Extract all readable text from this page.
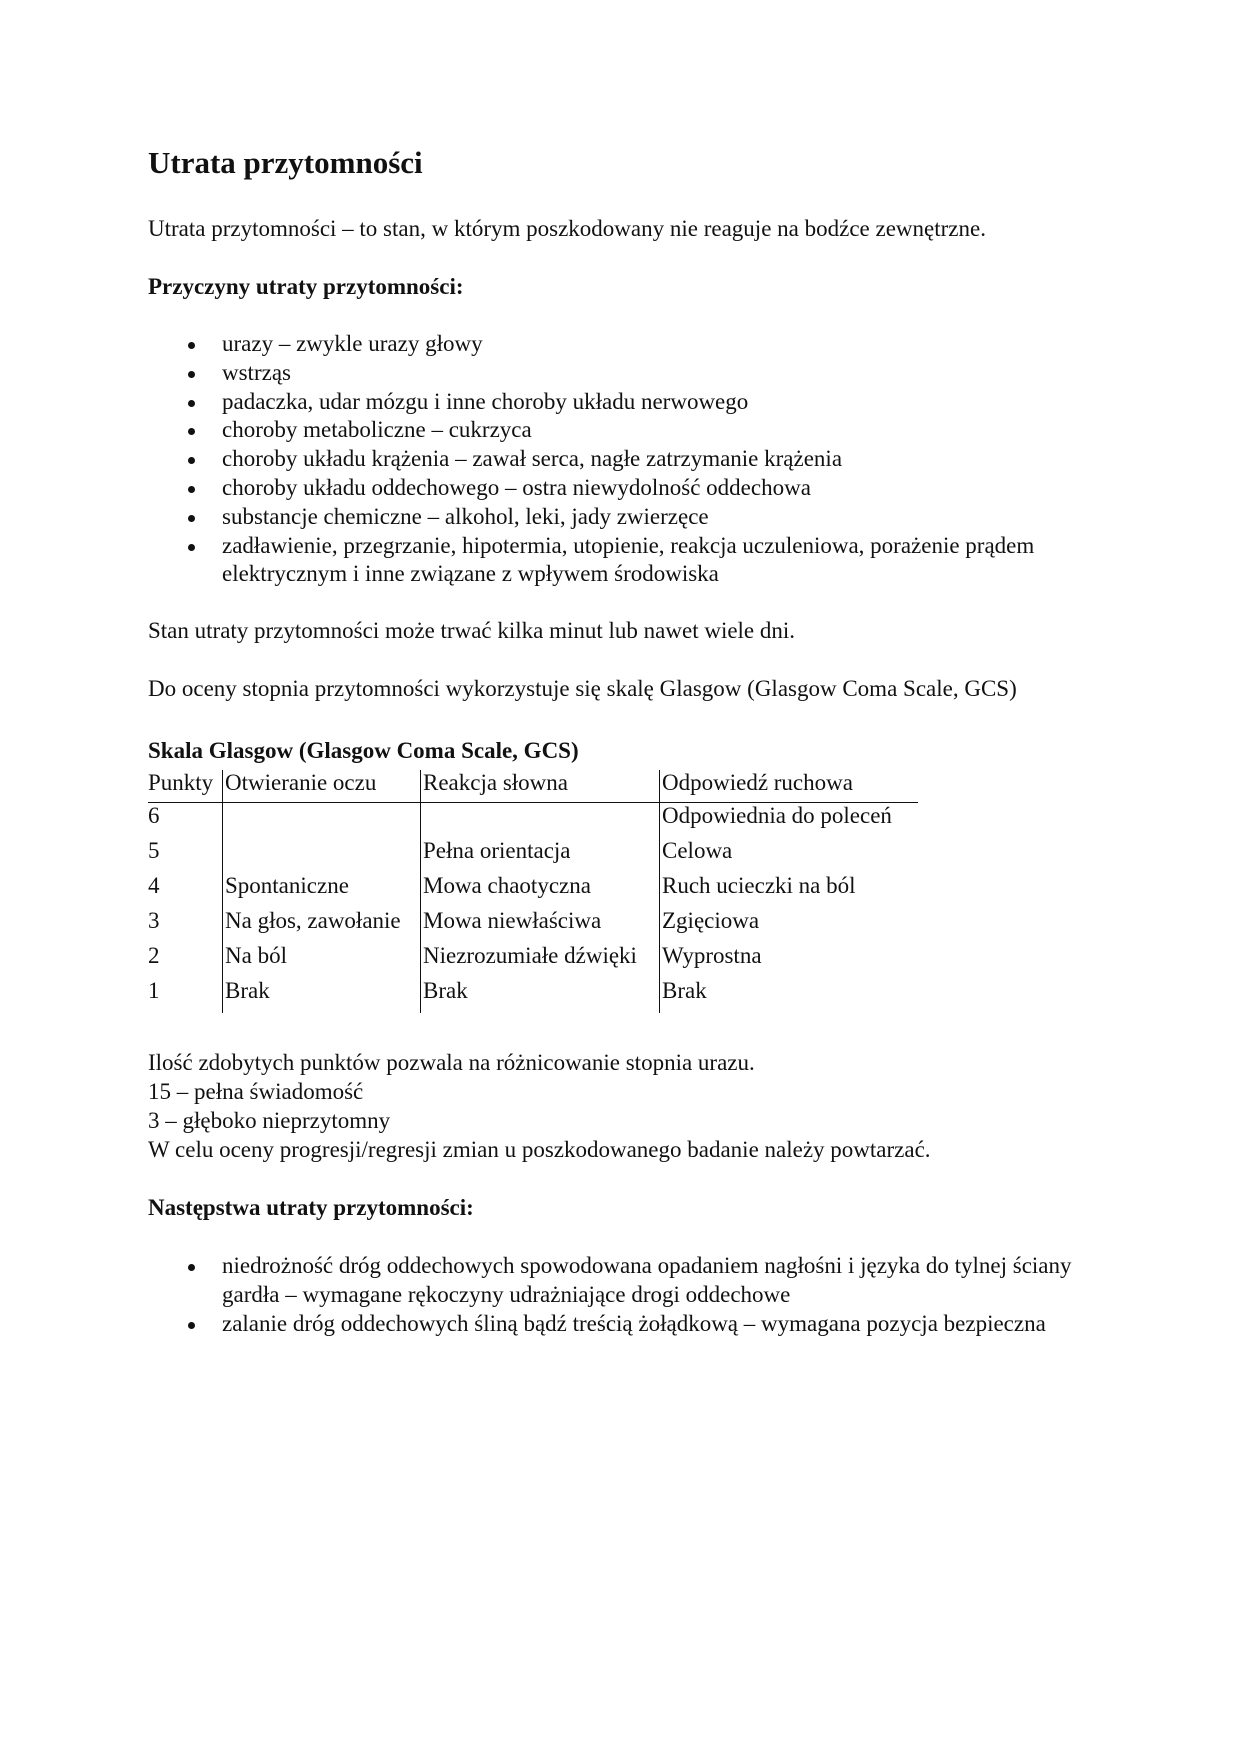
Utrata przytomności

Utrata przytomności – to stan, w którym poszkodowany nie reaguje na bodźce zewnętrzne.

Przyczyny utraty przytomności:

urazy – zwykle urazy głowy
wstrząs
padaczka, udar mózgu i inne choroby układu nerwowego
choroby metaboliczne – cukrzyca
choroby układu krążenia – zawał serca, nagłe zatrzymanie krążenia
choroby układu oddechowego – ostra niewydolność oddechowa
substancje chemiczne – alkohol, leki, jady zwierzęce
zadławienie, przegrzanie, hipotermia, utopienie, reakcja uczuleniowa, porażenie prądem elektrycznym i inne związane z wpływem środowiska

Stan utraty przytomności może trwać kilka minut lub nawet wiele dni.

Do oceny stopnia przytomności wykorzystuje się skalę Glasgow (Glasgow Coma Scale, GCS)

Skala Glasgow (Glasgow Coma Scale, GCS)

Punkty	Otwieranie oczu	Reakcja słowna	Odpowiedź ruchowa
6			Odpowiednia do poleceń
5		Pełna orientacja	Celowa
4	Spontaniczne	Mowa chaotyczna	Ruch ucieczki na ból
3	Na głos, zawołanie	Mowa niewłaściwa	Zgięciowa
2	Na ból	Niezrozumiałe dźwięki	Wyprostna
1	Brak	Brak	Brak

Ilość zdobytych punktów pozwala na różnicowanie stopnia urazu.

15 – pełna świadomość

3 – głęboko nieprzytomny

W celu oceny progresji/regresji zmian u poszkodowanego badanie należy powtarzać.

Następstwa utraty przytomności:

niedrożność dróg oddechowych spowodowana opadaniem nagłośni i języka do tylnej ściany gardła – wymagane rękoczyny udrażniające drogi oddechowe
zalanie dróg oddechowych śliną bądź treścią żołądkową – wymagana pozycja bezpieczna
